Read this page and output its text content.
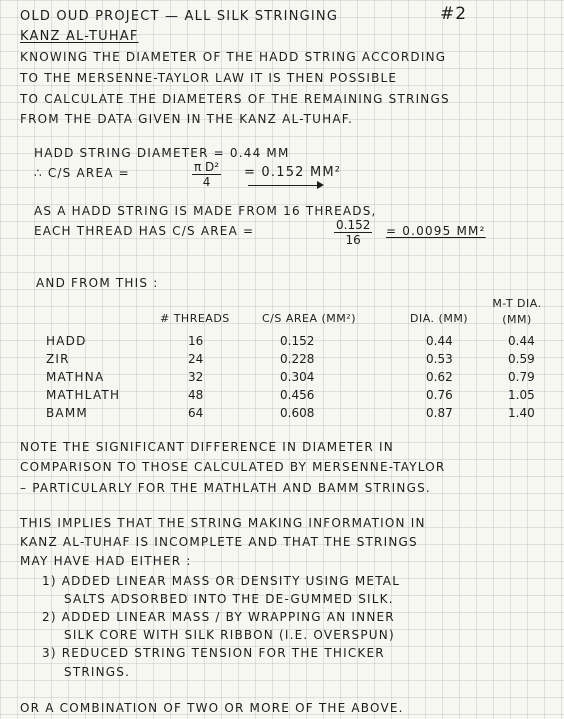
OLD OUD PROJECT — ALL SILK STRINGING	#2
KANZ AL-TUHAF
KNOWING THE DIAMETER OF THE HADD STRING ACCORDING
TO THE MERSENNE-TAYLOR LAW IT IS THEN POSSIBLE
TO CALCULATE THE DIAMETERS OF THE REMAINING STRINGS
FROM THE DATA GIVEN IN THE KANZ AL-TUHAF.
HADD STRING DIAMETER = 0.44 MM
∴ C/S AREA =	$\frac{\text{π D²}}{4} = 0.152$ MM²
AS A HADD STRING IS MADE FROM 16 THREADS,
EACH THREAD HAS C/S AREA =	$\frac{0.152}{16} = 0.0095$ MM²
AND FROM THIS :
# THREADS	C/S AREA (MM²)	DIA. (MM)
M-T DIA. (MM)
HADD	16	0.152	0.44	0.44
ZIR	24	0.228	0.53	0.59
MATHNA	32	0.304	0.62	0.79
MATHLATH	48	0.456	0.76	1.05
BAMM	64	0.608	0.87	1.40
NOTE THE SIGNIFICANT DIFFERENCE IN DIAMETER IN
COMPARISON TO THOSE CALCULATED BY MERSENNE-TAYLOR
– PARTICULARLY FOR THE MATHLATH AND BAMM STRINGS.
THIS IMPLIES THAT THE STRING MAKING INFORMATION IN
KANZ AL-TUHAF IS INCOMPLETE AND THAT THE STRINGS
MAY HAVE HAD EITHER :
1) ADDED LINEAR MASS OR DENSITY USING METAL
SALTS ADSORBED INTO THE DE-GUMMED SILK.
2) ADDED LINEAR MASS / BY WRAPPING AN INNER
SILK CORE WITH SILK RIBBON (I.E. OVERSPUN)
3) REDUCED STRING TENSION FOR THE THICKER
STRINGS.
OR A COMBINATION OF TWO OR MORE OF THE ABOVE.
